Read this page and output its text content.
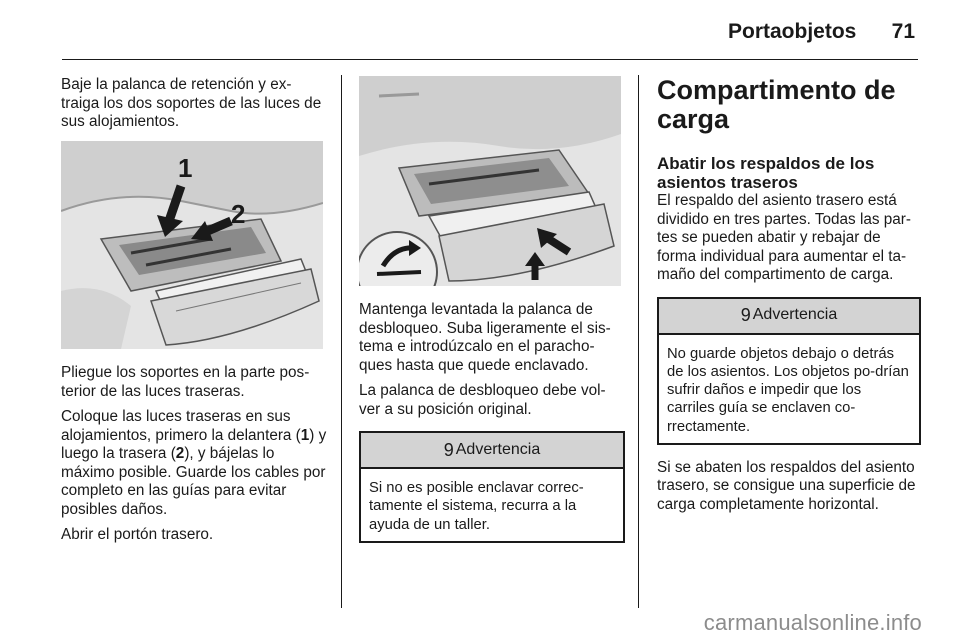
Portaobjetos 71

Baje la palanca de retención y ex-traiga los dos soportes de las luces de sus alojamientos.

1
2

Pliegue los soportes en la parte pos-terior de las luces traseras.

Coloque las luces traseras en sus alojamientos, primero la delantera (1) y luego la trasera (2), y bájelas lo máximo posible. Guarde los cables por completo en las guías para evitar posibles daños.

Abrir el portón trasero.

Mantenga levantada la palanca de desbloqueo. Suba ligeramente el sis-tema e introdúzcalo en el paracho-ques hasta que quede enclavado.

La palanca de desbloqueo debe vol-ver a su posición original.

9 Advertencia
Si no es posible enclavar correc-tamente el sistema, recurra a la ayuda de un taller.
Compartimento de carga
Abatir los respaldos de los asientos traseros

El respaldo del asiento trasero está dividido en tres partes. Todas las par-tes se pueden abatir y rebajar de forma individual para aumentar el ta-maño del compartimento de carga.

9 Advertencia
No guarde objetos debajo o detrás de los asientos. Los objetos po-drían sufrir daños e impedir que los carriles guía se enclaven co-rrectamente.

Si se abaten los respaldos del asiento trasero, se consigue una superficie de carga completamente horizontal.

carmanualsonline.info
